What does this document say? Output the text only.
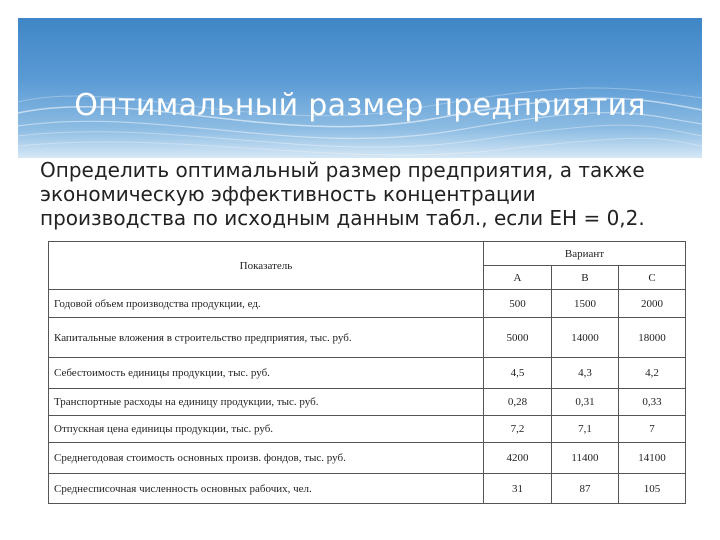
Оптимальный размер предприятия
Определить оптимальный размер предприятия, а также
экономическую эффективность концентрации
производства по исходным данным табл., если ЕН = 0,2.
Показатель	Вариант		
	А	В	С
Годовой объем производства продукции, ед.	500	1500	2000
Капитальные вложения в строительство предприятия, тыс. руб.	5000	14000	18000
Себестоимость единицы продукции, тыс. руб.	4,5	4,3	4,2
Транспортные расходы на единицу продукции, тыс. руб.	0,28	0,31	0,33
Отпускная цена единицы продукции, тыс. руб.	7,2	7,1	7
Среднегодовая стоимость основных произв. фондов, тыс. руб.	4200	11400	14100
Среднесписочная численность основных рабочих, чел.	31	87	105
